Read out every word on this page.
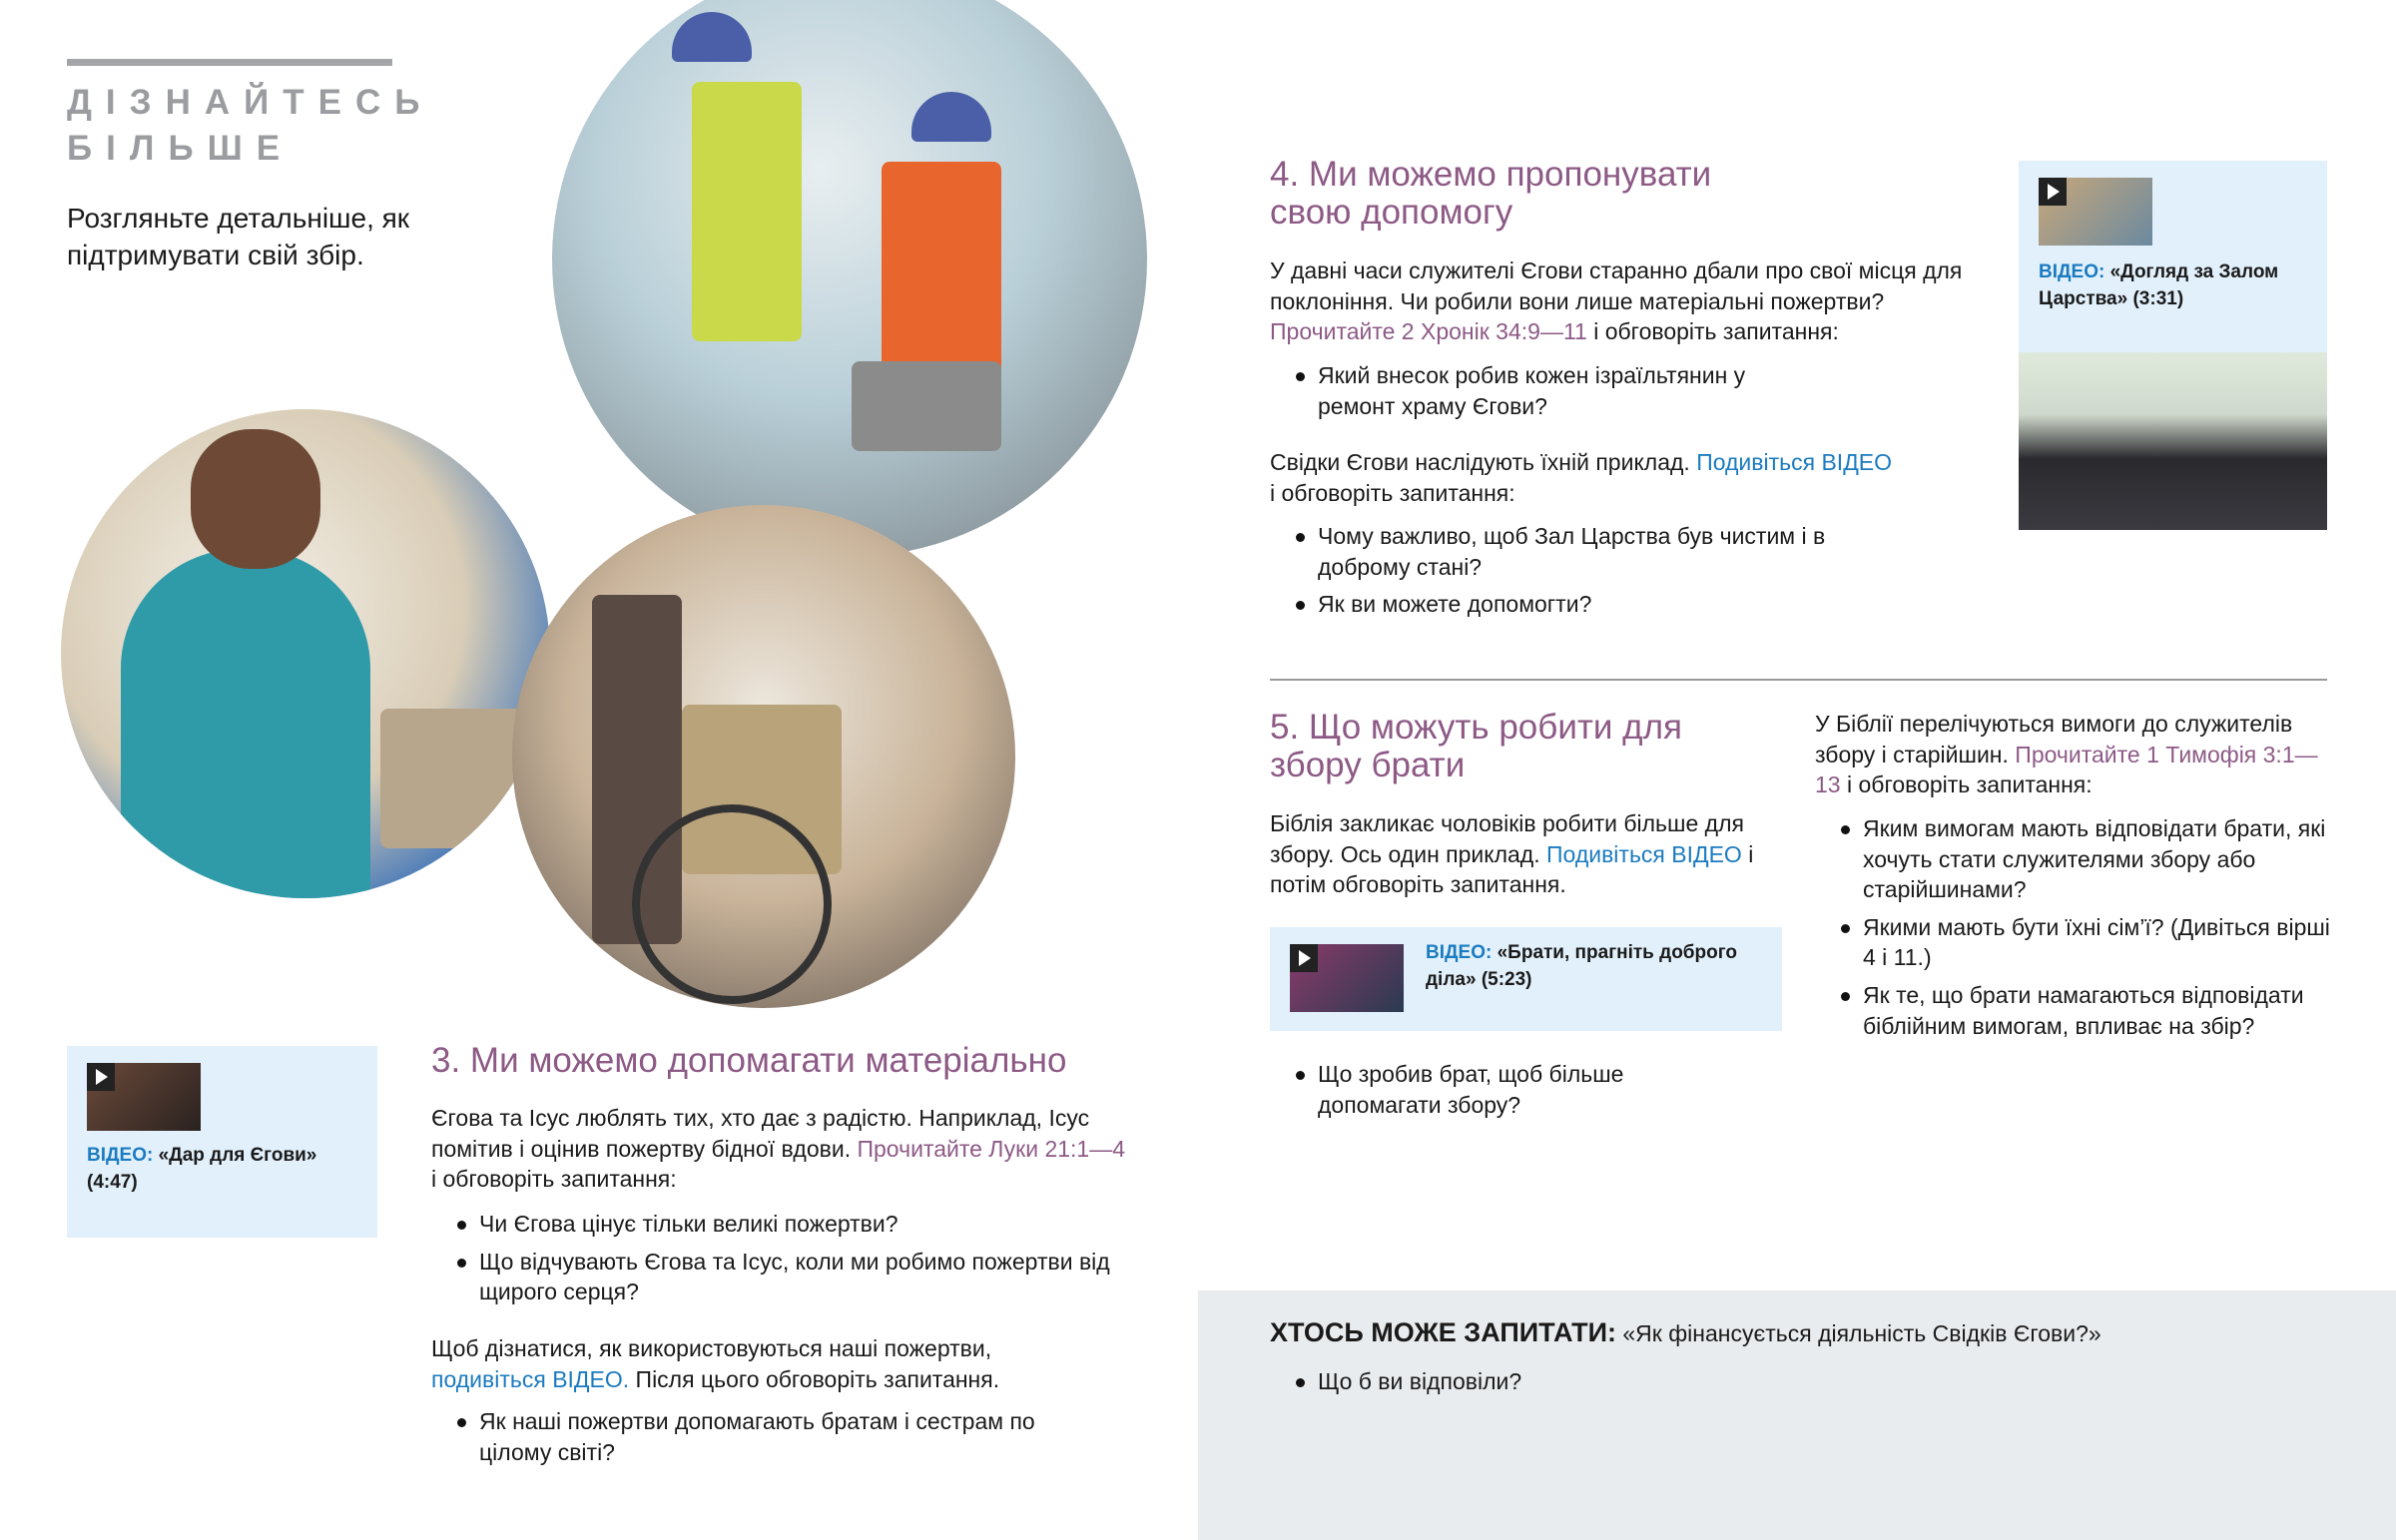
ДІЗНАЙТЕСЬ
БІЛЬШЕ
Розгляньте детальніше, як підтримувати свій збір.
ВІДЕО: «Дар для Єгови»
(4:47)
3. Ми можемо допомагати матеріально
Єгова та Ісус люблять тих, хто дає з радістю. Наприклад, Ісус помітив і оцінив пожертву бідної вдови. Прочитайте Луки 21:1—4 і обговоріть запитання:
Чи Єгова цінує тільки великі пожертви?
Що відчувають Єгова та Ісус, коли ми робимо пожертви від щирого серця?
Щоб дізнатися, як використовуються наші пожертви,
подивіться ВІДЕО. Після цього обговоріть запитання.
Як наші пожертви допомагають братам і сестрам по цілому світі?
4. Ми можемо пропонувати свою допомогу
У давні часи служителі Єгови старанно дбали про свої місця для поклоніння. Чи робили вони лише матеріальні пожертви? Прочитайте 2 Хронік 34:9—11 і обговоріть запитання:
Який внесок робив кожен ізраїльтянин у ремонт храму Єгови?
Свідки Єгови наслідують їхній приклад. Подивіться ВІДЕО
і обговоріть запитання:
Чому важливо, щоб Зал Царства був чистим і в доброму стані?
Як ви можете допомогти?
ВІДЕО: «Догляд за Залом Царства» (3:31)
5. Що можуть робити для збору брати
Біблія закликає чоловіків робити більше для збору. Ось один приклад. Подивіться ВІДЕО і потім обговоріть запитання.
ВІДЕО: «Брати, прагніть доброго діла» (5:23)
Що зробив брат, щоб більше допомагати збору?
У Біблії перелічуються вимоги до служителів збору і старійшин. Прочитайте 1 Тимофія 3:1—13 і обговоріть запитання:
Яким вимогам мають відповідати брати, які хочуть стати служителями збору або старійшинами?
Якими мають бути їхні сім’ї? (Дивіться вірші 4 і 11.)
Як те, що брати намагаються відповідати біблійним вимогам, впливає на збір?
ХТОСЬ МОЖЕ ЗАПИТАТИ: «Як фінансується діяльність Свідків Єгови?»
Що б ви відповіли?
